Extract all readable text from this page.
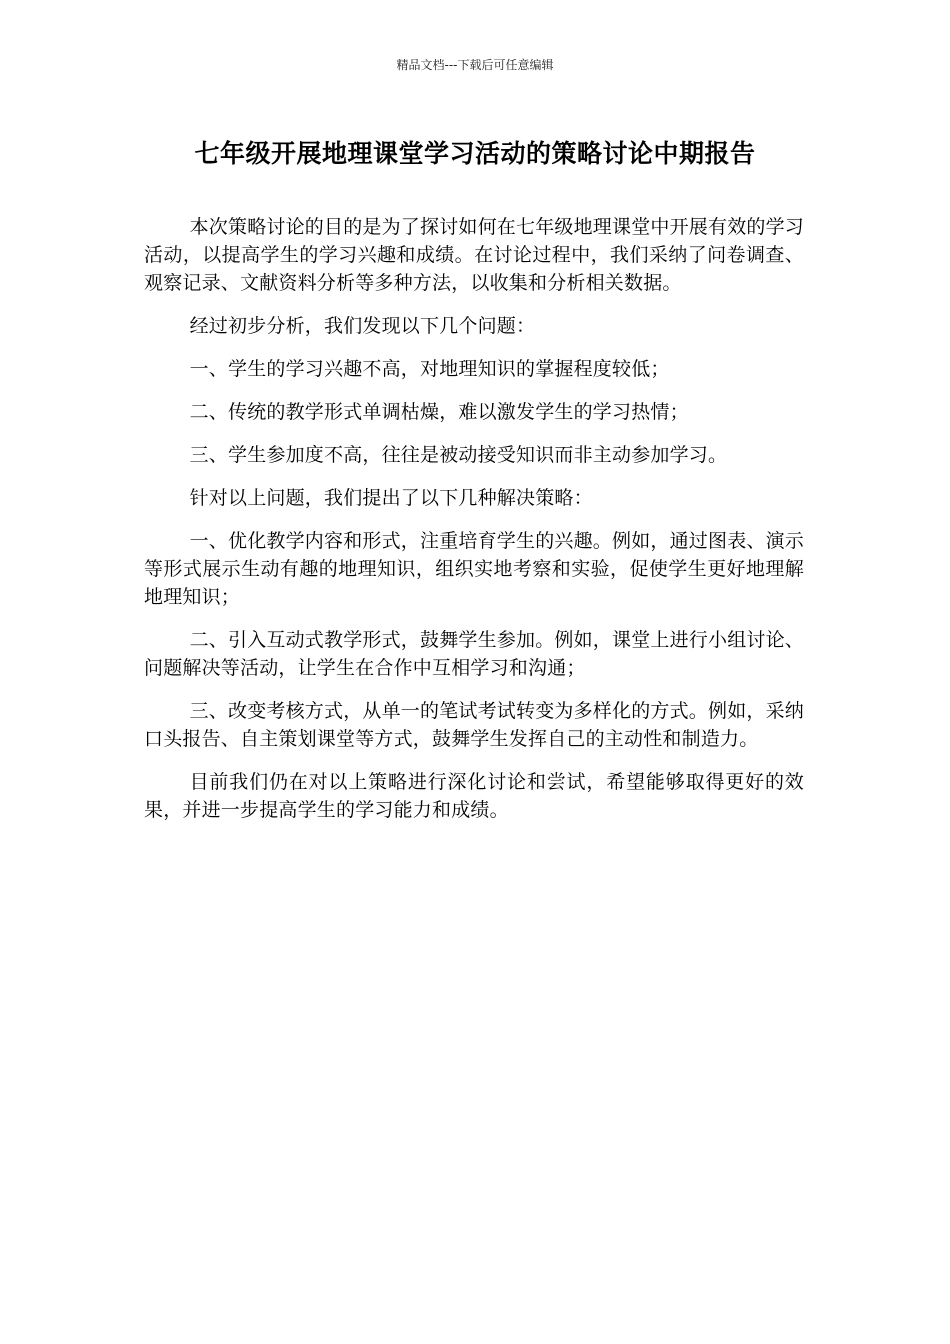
精品文档---下载后可任意编辑
七年级开展地理课堂学习活动的策略讨论中期报告

本次策略讨论的目的是为了探讨如何在七年级地理课堂中开展有效的学习活动，以提高学生的学习兴趣和成绩。在讨论过程中，我们采纳了问卷调查、观察记录、文献资料分析等多种方法，以收集和分析相关数据。

经过初步分析，我们发现以下几个问题：

一、学生的学习兴趣不高，对地理知识的掌握程度较低；

二、传统的教学形式单调枯燥，难以激发学生的学习热情；

三、学生参加度不高，往往是被动接受知识而非主动参加学习。

针对以上问题，我们提出了以下几种解决策略：

一、优化教学内容和形式，注重培育学生的兴趣。例如，通过图表、演示等形式展示生动有趣的地理知识，组织实地考察和实验，促使学生更好地理解地理知识；

二、引入互动式教学形式，鼓舞学生参加。例如，课堂上进行小组讨论、问题解决等活动，让学生在合作中互相学习和沟通；

三、改变考核方式，从单一的笔试考试转变为多样化的方式。例如，采纳口头报告、自主策划课堂等方式，鼓舞学生发挥自己的主动性和制造力。

目前我们仍在对以上策略进行深化讨论和尝试，希望能够取得更好的效果，并进一步提高学生的学习能力和成绩。
